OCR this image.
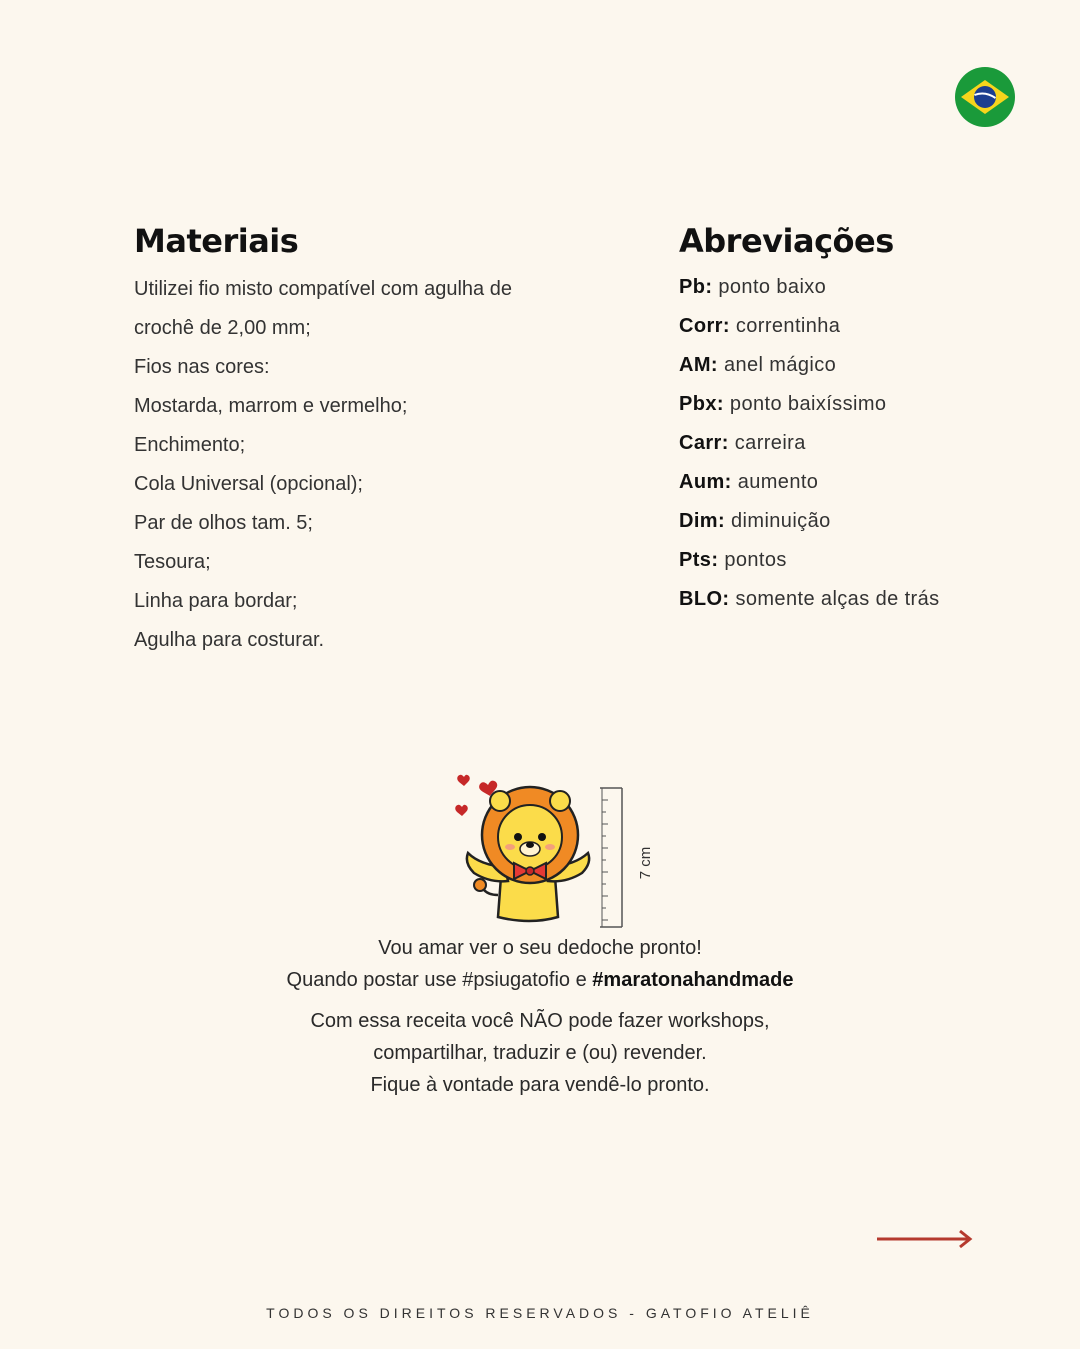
Materiais
Utilizei fio misto compatível com agulha de
crochê de 2,00 mm;
Fios nas cores:
Mostarda, marrom e vermelho;
Enchimento;
Cola Universal (opcional);
Par de olhos tam. 5;
Tesoura;
Linha para bordar;
Agulha para costurar.
Abreviações
Pb: ponto baixo
Corr: correntinha
AM: anel mágico
Pbx: ponto baixíssimo
Carr: carreira
Aum: aumento
Dim: diminuição
Pts: pontos
BLO: somente alças de trás
7 cm
Vou amar ver o seu dedoche pronto!
Quando postar use #psiugatofio e #maratonahandmade
Com essa receita você NÃO pode fazer workshops,
compartilhar, traduzir e (ou) revender.
Fique à vontade para vendê-lo pronto.
TODOS OS DIREITOS RESERVADOS - GATOFIO ATELIÊ
